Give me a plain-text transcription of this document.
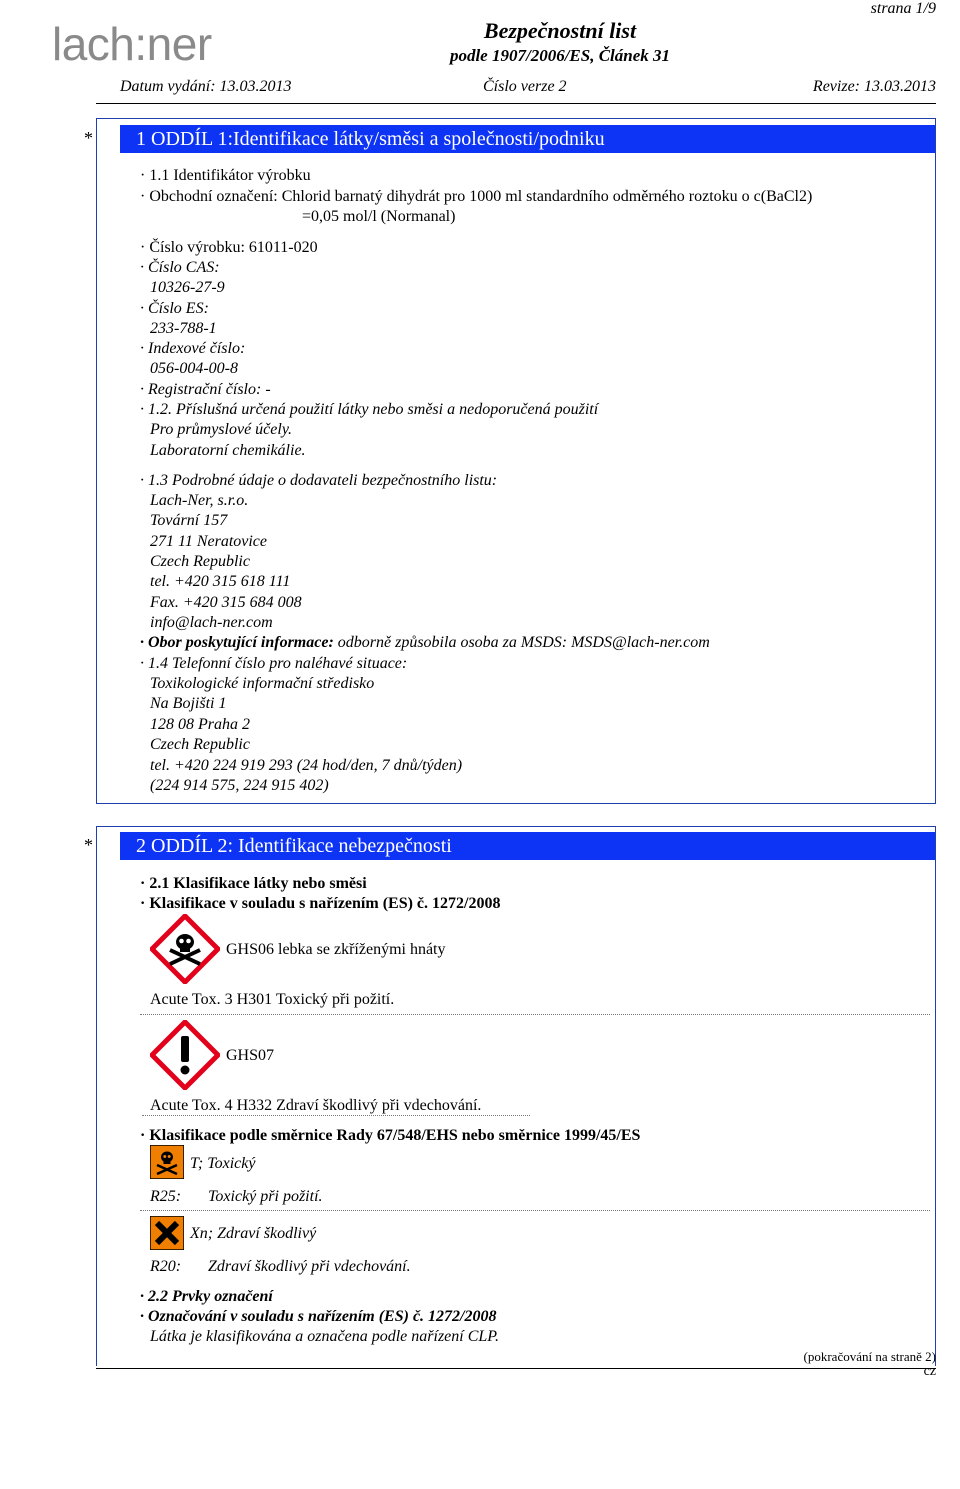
lach:ner	Bezpečnostní list
podle 1907/2006/ES, Článek 31
strana 1/9
Datum vydání: 13.03.2013	Číslo verze 2	Revize: 13.03.2013
*	1 ODDÍL 1:Identifikace látky/směsi a společnosti/podniku
· 1.1 Identifikátor výrobku
· Obchodní označení: Chlorid barnatý dihydrát pro 1000 ml standardního odměrného roztoku o c(BaCl2)
=0,05 mol/l (Normanal)
· Číslo výrobku: 61011-020
· Číslo CAS:
10326-27-9
· Číslo ES:
233-788-1
· Indexové číslo:
056-004-00-8
· Registrační číslo: -
· 1.2. Příslušná určená použití látky nebo směsi a nedoporučená použití
Pro průmyslové účely.
Laboratorní chemikálie.
· 1.3 Podrobné údaje o dodavateli bezpečnostního listu:
Lach-Ner, s.r.o.
Tovární 157
271 11 Neratovice
Czech Republic
tel. +420 315 618 111
Fax. +420 315 684 008
info@lach-ner.com
· Obor poskytující informace: odborně způsobila osoba za MSDS: MSDS@lach-ner.com
· 1.4 Telefonní číslo pro naléhavé situace:
Toxikologické informační středisko
Na Bojišti 1
128 08 Praha 2
Czech Republic
tel. +420 224 919 293 (24 hod/den, 7 dnů/týden)
(224 914 575, 224 915 402)
*	2 ODDÍL 2: Identifikace nebezpečnosti
· 2.1 Klasifikace látky nebo směsi
· Klasifikace v souladu s nařízením (ES) č. 1272/2008
GHS06 lebka se zkříženými hnáty
Acute Tox. 3 H301 Toxický při požití.
GHS07
Acute Tox. 4 H332 Zdraví škodlivý při vdechování.
· Klasifikace podle směrnice Rady 67/548/EHS nebo směrnice 1999/45/ES
T; Toxický
R25: Toxický při požití.
Xn; Zdraví škodlivý
R20: Zdraví škodlivý při vdechování.
· 2.2 Prvky označení
· Označování v souladu s nařízením (ES) č. 1272/2008
Látka je klasifikována a označena podle nařízení CLP.
(pokračování na straně 2)
cz
